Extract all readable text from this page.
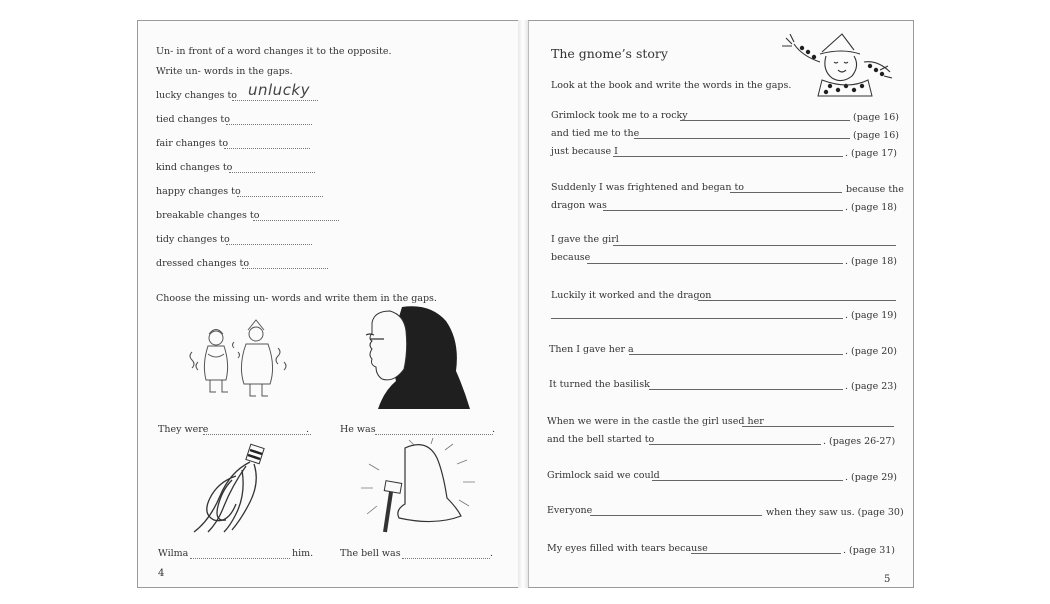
Un- in front of a word changes it to the opposite.
Write un- words in the gaps.
lucky changes to unlucky
tied changes to
fair changes to
kind changes to
happy changes to
breakable changes to
tidy changes to
dressed changes to
Choose the missing un- words and write them in the gaps.
They were	.	He was	.
Wilma	him.	The bell was	.
4
The gnome’s story
Look at the book and write the words in the gaps.
Grimlock took me to a rocky	(page 16)
and tied me to the	(page 16)
just because I	. (page 17)
Suddenly I was frightened and began to	because the
dragon was	. (page 18)
I gave the girl
because	. (page 18)
Luckily it worked and the dragon
. (page 19)
Then I gave her a	. (page 20)
It turned the basilisk	. (page 23)
When we were in the castle the girl used her
and the bell started to	. (pages 26-27)
Grimlock said we could	. (page 29)
Everyone	when they saw us. (page 30)
My eyes filled with tears because	. (page 31)
5
